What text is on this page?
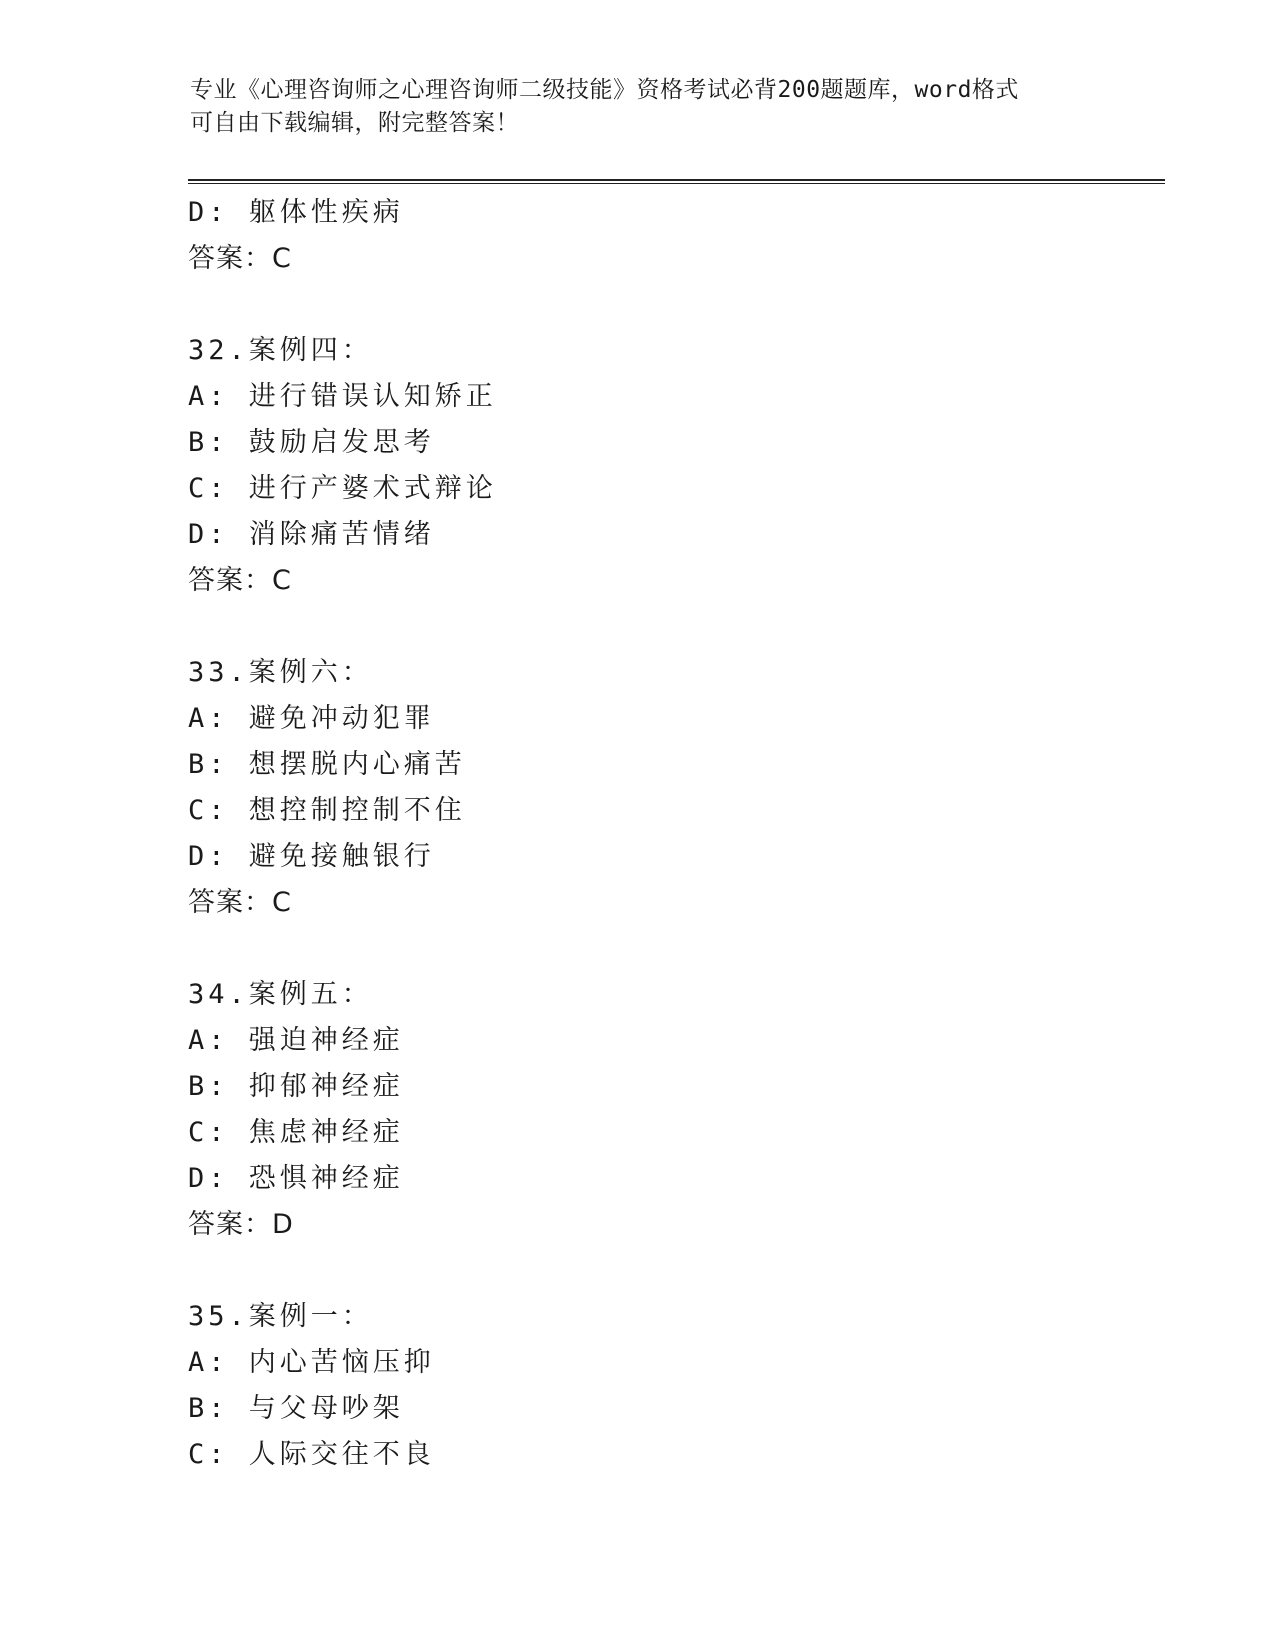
专业《心理咨询师之心理咨询师二级技能》资格考试必背200题题库，word格式
可自由下载编辑，附完整答案！
D: 躯体性疾病
答案：C
32.案例四：
A: 进行错误认知矫正
B: 鼓励启发思考
C: 进行产婆术式辩论
D: 消除痛苦情绪
答案：C
33.案例六：
A: 避免冲动犯罪
B: 想摆脱内心痛苦
C: 想控制控制不住
D: 避免接触银行
答案：C
34.案例五：
A: 强迫神经症
B: 抑郁神经症
C: 焦虑神经症
D: 恐惧神经症
答案：D
35.案例一：
A: 内心苦恼压抑
B: 与父母吵架
C: 人际交往不良
